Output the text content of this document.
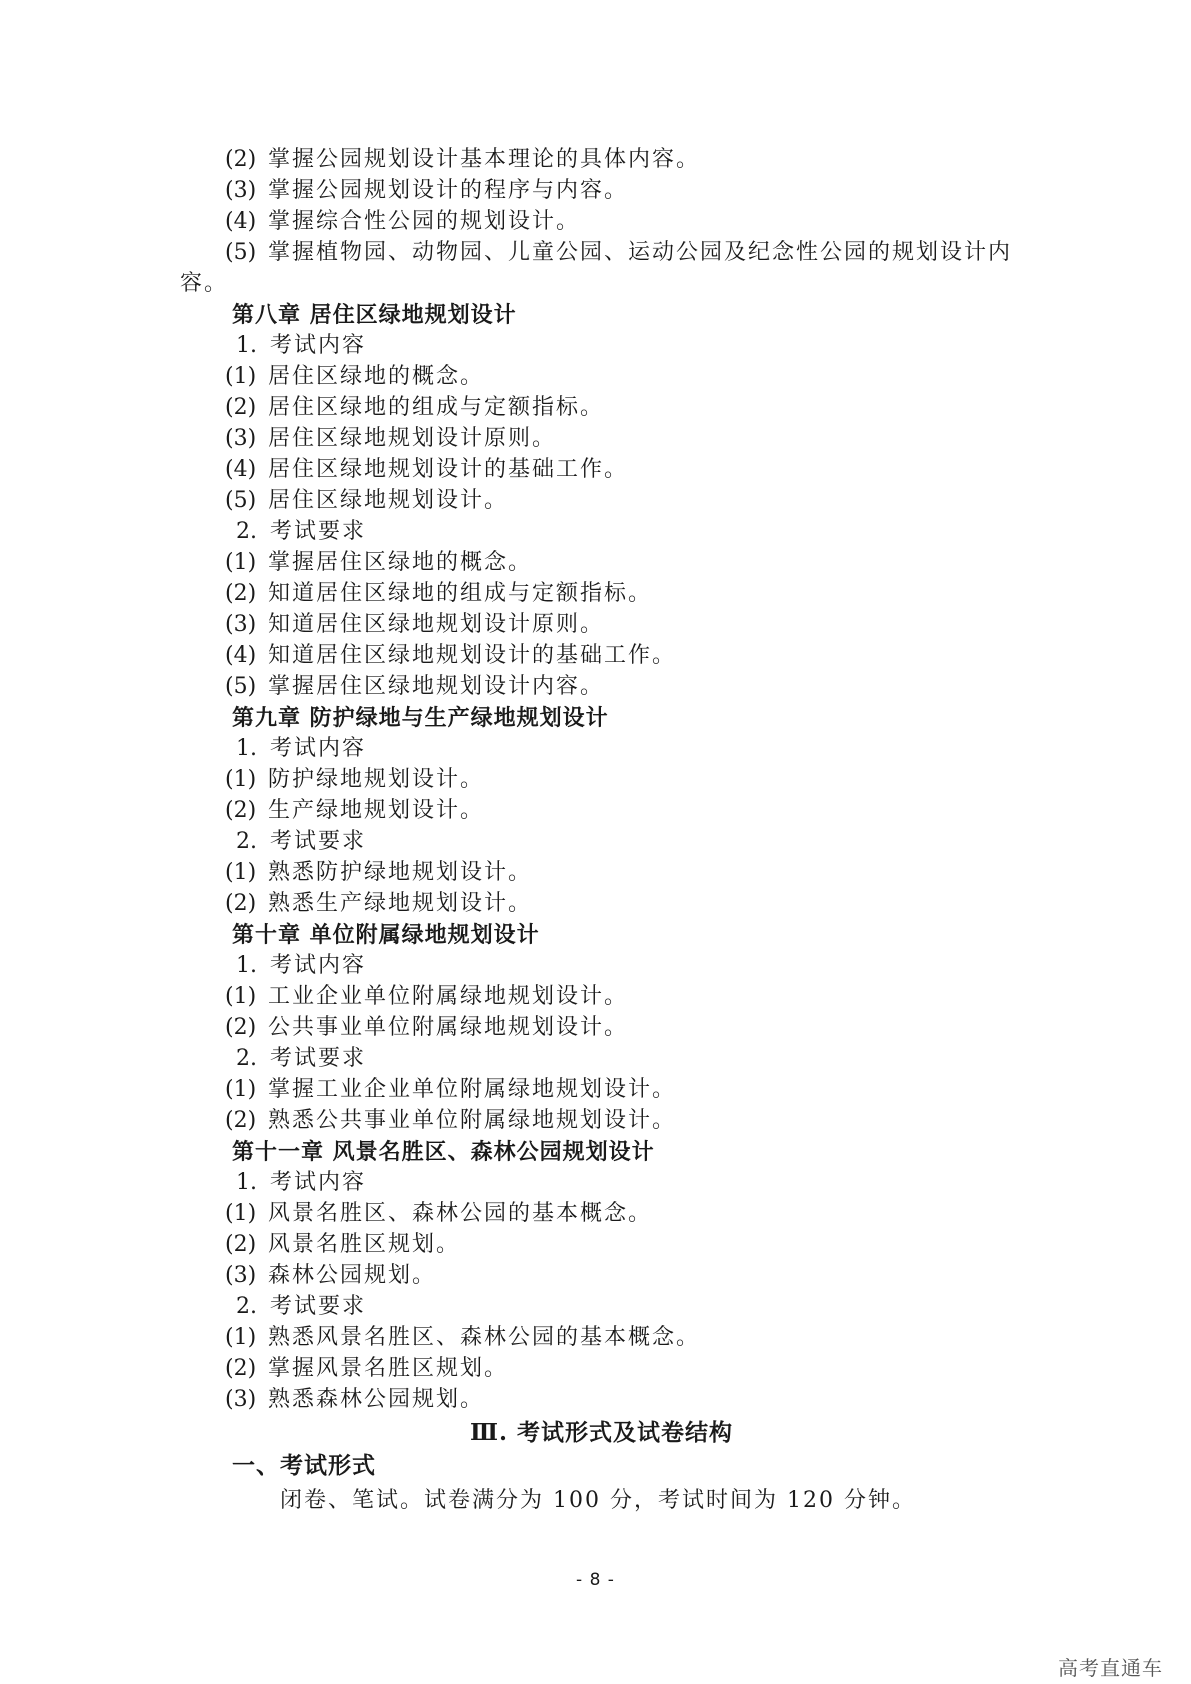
(2) 掌握公园规划设计基本理论的具体内容。
(3) 掌握公园规划设计的程序与内容。
(4) 掌握综合性公园的规划设计。
(5) 掌握植物园、动物园、儿童公园、运动公园及纪念性公园的规划设计内
容。
第八章 居住区绿地规划设计
1. 考试内容
(1) 居住区绿地的概念。
(2) 居住区绿地的组成与定额指标。
(3) 居住区绿地规划设计原则。
(4) 居住区绿地规划设计的基础工作。
(5) 居住区绿地规划设计。
2. 考试要求
(1) 掌握居住区绿地的概念。
(2) 知道居住区绿地的组成与定额指标。
(3) 知道居住区绿地规划设计原则。
(4) 知道居住区绿地规划设计的基础工作。
(5) 掌握居住区绿地规划设计内容。
第九章 防护绿地与生产绿地规划设计
1. 考试内容
(1) 防护绿地规划设计。
(2) 生产绿地规划设计。
2. 考试要求
(1) 熟悉防护绿地规划设计。
(2) 熟悉生产绿地规划设计。
第十章 单位附属绿地规划设计
1. 考试内容
(1) 工业企业单位附属绿地规划设计。
(2) 公共事业单位附属绿地规划设计。
2. 考试要求
(1) 掌握工业企业单位附属绿地规划设计。
(2) 熟悉公共事业单位附属绿地规划设计。
第十一章 风景名胜区、森林公园规划设计
1. 考试内容
(1) 风景名胜区、森林公园的基本概念。
(2) 风景名胜区规划。
(3) 森林公园规划。
2. 考试要求
(1) 熟悉风景名胜区、森林公园的基本概念。
(2) 掌握风景名胜区规划。
(3) 熟悉森林公园规划。
Ⅲ. 考试形式及试卷结构
一、考试形式
闭卷、笔试。试卷满分为 100 分，考试时间为 120 分钟。
- 8 -
高考直通车
